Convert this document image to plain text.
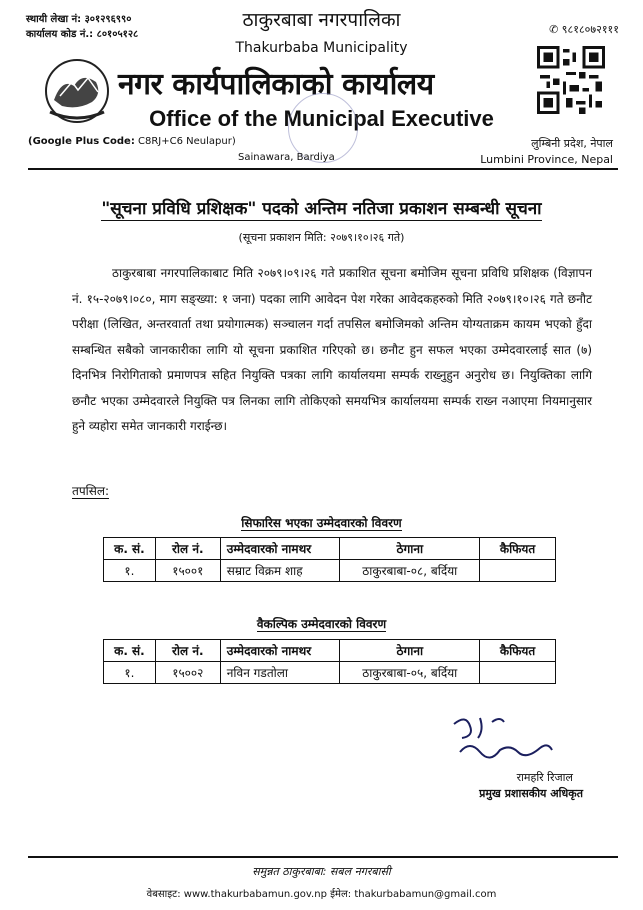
स्थायी लेखा नं: ३०१२९६९९०
कार्यालय कोड नं.: ८०१०५१२८	✆ ९८१८०७२१११
ठाकुरबाबा नगरपालिका
Thakurbaba Municipality
नगर कार्यपालिकाको कार्यालय
Office of the Municipal Executive
(Google Plus Code: C8RJ+C6 Neulapur)
Sainawara, Bardiya
लुम्बिनी प्रदेश, नेपाल
Lumbini Province, Nepal
"सूचना प्रविधि प्रशिक्षक" पदको अन्तिम नतिजा प्रकाशन सम्बन्धी सूचना
(सूचना प्रकाशन मिति: २०७९।१०।२६ गते)
ठाकुरबाबा नगरपालिकाबाट मिति २०७९।०९।२६ गते प्रकाशित सूचना बमोजिम सूचना प्रविधि प्रशिक्षक (विज्ञापन नं. १५-२०७९।०८०, माग सङ्ख्या: १ जना) पदका लागि आवेदन पेश गरेका आवेदकहरुको मिति २०७९।१०।२६ गते छनौट परीक्षा (लिखित, अन्तरवार्ता तथा प्रयोगात्मक) सञ्चालन गर्दा तपसिल बमोजिमको अन्तिम योग्यताक्रम कायम भएको हुँदा सम्बन्धित सबैको जानकारीका लागि यो सूचना प्रकाशित गरिएको छ। छनौट हुन सफल भएका उम्मेदवारलाई सात (७) दिनभित्र निरोगिताको प्रमाणपत्र सहित नियुक्ति पत्रका लागि कार्यालयमा सम्पर्क राख्नुहुन अनुरोध छ। नियुक्तिका लागि छनौट भएका उम्मेदवारले नियुक्ति पत्र लिनका लागि तोकिएको समयभित्र कार्यालयमा सम्पर्क राख्न नआएमा नियमानुसार हुने व्यहोरा समेत जानकारी गराईन्छ।
तपसिल:
सिफारिस भएका उम्मेदवारको विवरण
क. सं.	रोल नं.	उम्मेदवारको नामथर	ठेगाना	कैफियत
१.	१५००१	सम्राट विक्रम शाह	ठाकुरबाबा-०८, बर्दिया	
वैकल्पिक उम्मेदवारको विवरण
क. सं.	रोल नं.	उम्मेदवारको नामथर	ठेगाना	कैफियत
१.	१५००२	नविन गडतोला	ठाकुरबाबा-०५, बर्दिया	
रामहरि रिजाल
प्रमुख प्रशासकीय अधिकृत
समुन्नत ठाकुरबाबा: सबल नगरबासी
वेबसाइट: www.thakurbabamun.gov.np ईमेल: thakurbabamun@gmail.com
